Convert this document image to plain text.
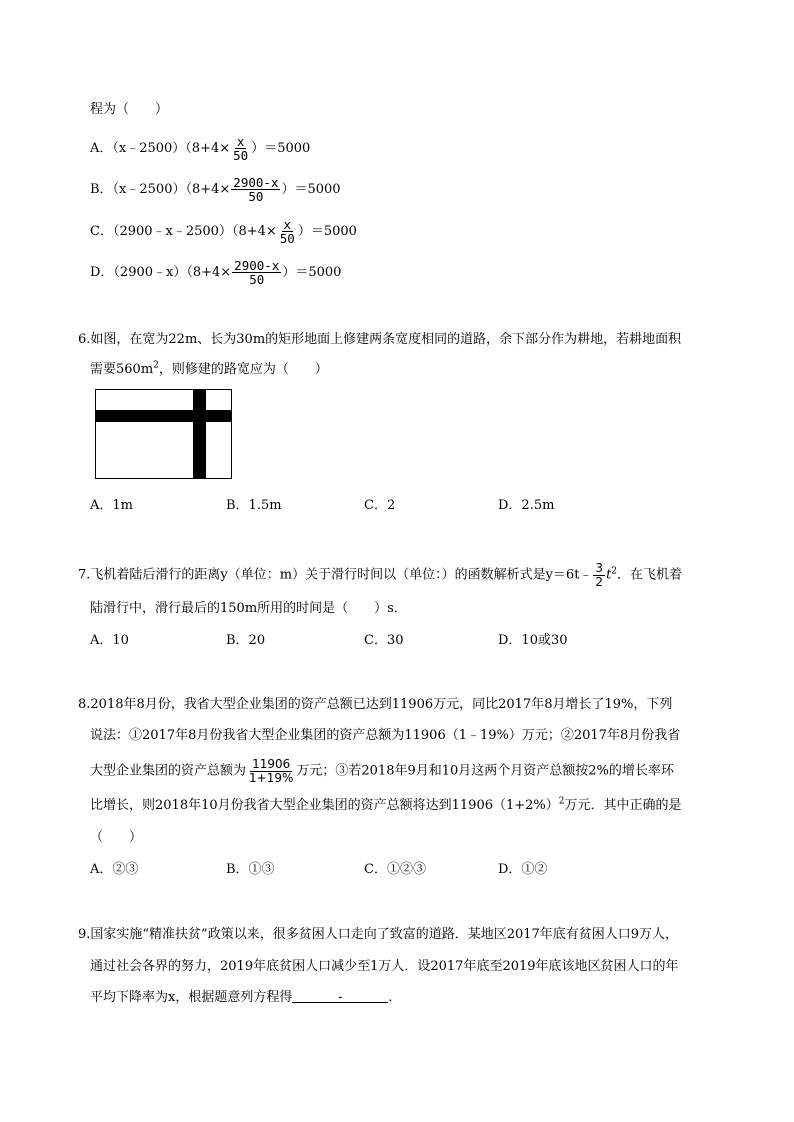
程为（　　）
A．（x﹣2500）（8+4× $\frac{x}{50} )=5000$
B．（x﹣2500）（8+4× $\frac{2900-x}{50} )=5000$
C．（2900﹣x﹣2500）（8+4× $\frac{x}{50} )=5000$
D．（2900﹣x）（8+4× $\frac{2900-x}{50} )=5000$
6.如图，在宽为22m、长为30m的矩形地面上修建两条宽度相同的道路，余下部分作为耕地，若耕地面积
需要$560m^2$，则修建的路宽应为（　　）
A．1m	B．1.5m	C．2	D．2.5m
7.飞机着陆后滑行的距离y（单位：m）关于滑行时间以（单位：）的函数解析式是y＝6t﹣ $\frac{3}{2} t^2$．在飞机着
陆滑行中，滑行最后的150m所用的时间是（　　）s．
A．10	B．20	C．30	D．10或30
8.2018年8月份，我省大型企业集团的资产总额已达到11906万元，同比2017年8月增长了19%，下列
说法：①2017年8月份我省大型企业集团的资产总额为11906（1﹣19%）万元；②2017年8月份我省
大型企业集团的资产总额为 $\frac{11906}{1+19\%}$ 万元；③若2018年9月和10月这两个月资产总额按2%的增长率环
比增长，则2018年10月份我省大型企业集团的资产总额将达到$11906(1+2\%)^2$万元．其中正确的是
（　　）
A．②③	B．①③	C．①②③	D．①②
9.国家实施“精准扶贫”政策以来，很多贫困人口走向了致富的道路．某地区2017年底有贫困人口9万人，
通过社会各界的努力，2019年底贫困人口减少至1万人．设2017年底至2019年底该地区贫困人口的年
平均下降率为x，根据题意列方程得	-	．
